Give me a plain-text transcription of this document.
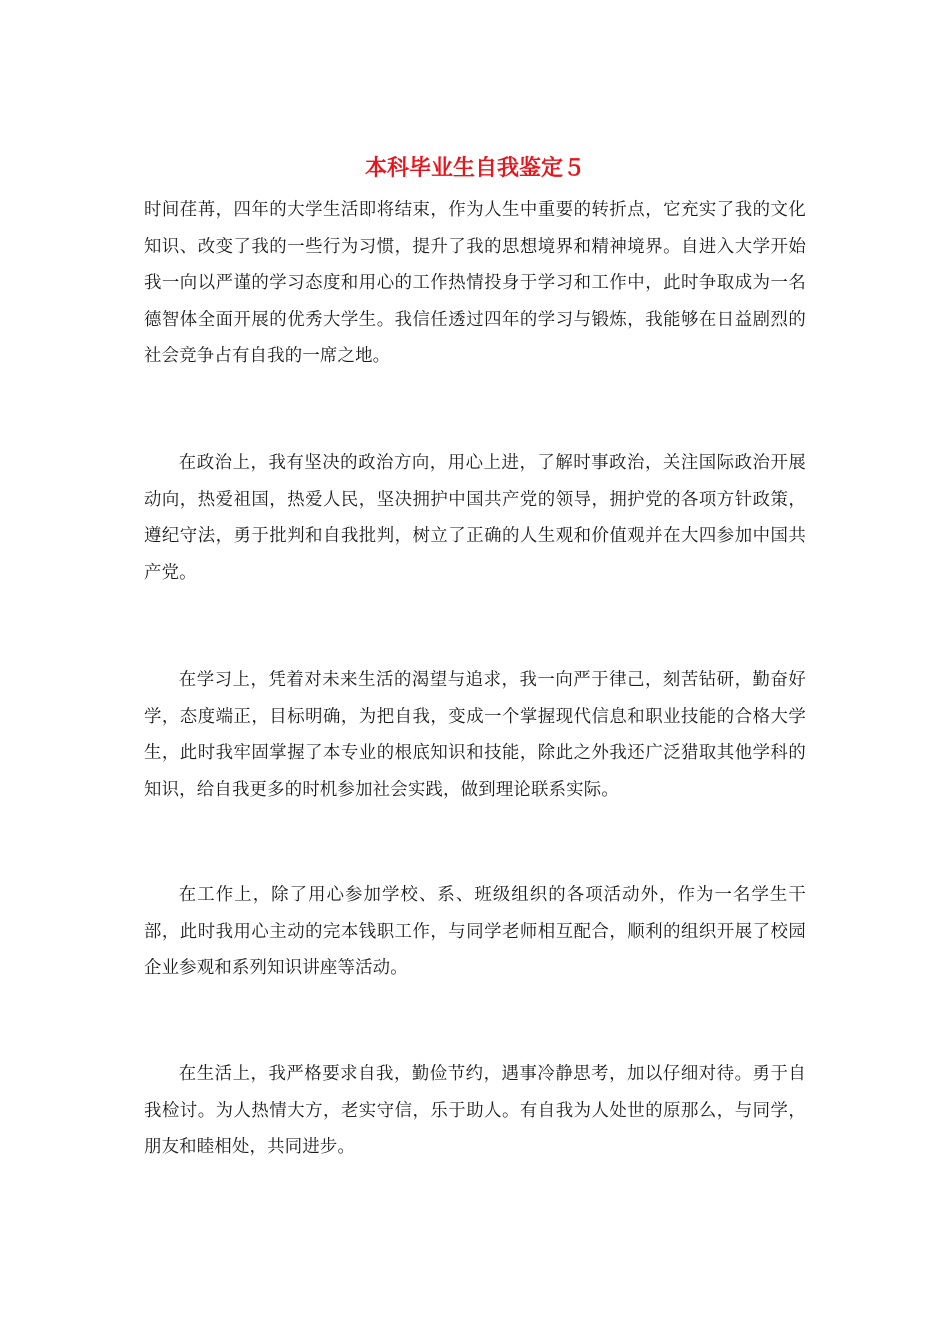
本科毕业生自我鉴定５

时间荏苒，四年的大学生活即将结束，作为人生中重要的转折点，它充实了我的文化知识、改变了我的一些行为习惯，提升了我的思想境界和精神境界。自进入大学开始我一向以严谨的学习态度和用心的工作热情投身于学习和工作中，此时争取成为一名德智体全面开展的优秀大学生。我信任透过四年的学习与锻炼，我能够在日益剧烈的社会竞争占有自我的一席之地。

在政治上，我有坚决的政治方向，用心上进，了解时事政治，关注国际政治开展动向，热爱祖国，热爱人民，坚决拥护中国共产党的领导，拥护党的各项方针政策，遵纪守法，勇于批判和自我批判，树立了正确的人生观和价值观并在大四参加中国共产党。

在学习上，凭着对未来生活的渴望与追求，我一向严于律己，刻苦钻研，勤奋好学，态度端正，目标明确，为把自我，变成一个掌握现代信息和职业技能的合格大学生，此时我牢固掌握了本专业的根底知识和技能，除此之外我还广泛猎取其他学科的知识，给自我更多的时机参加社会实践，做到理论联系实际。

在工作上，除了用心参加学校、系、班级组织的各项活动外，作为一名学生干部，此时我用心主动的完本钱职工作，与同学老师相互配合，顺利的组织开展了校园企业参观和系列知识讲座等活动。

在生活上，我严格要求自我，勤俭节约，遇事冷静思考，加以仔细对待。勇于自我检讨。为人热情大方，老实守信，乐于助人。有自我为人处世的原那么，与同学，朋友和睦相处，共同进步。
